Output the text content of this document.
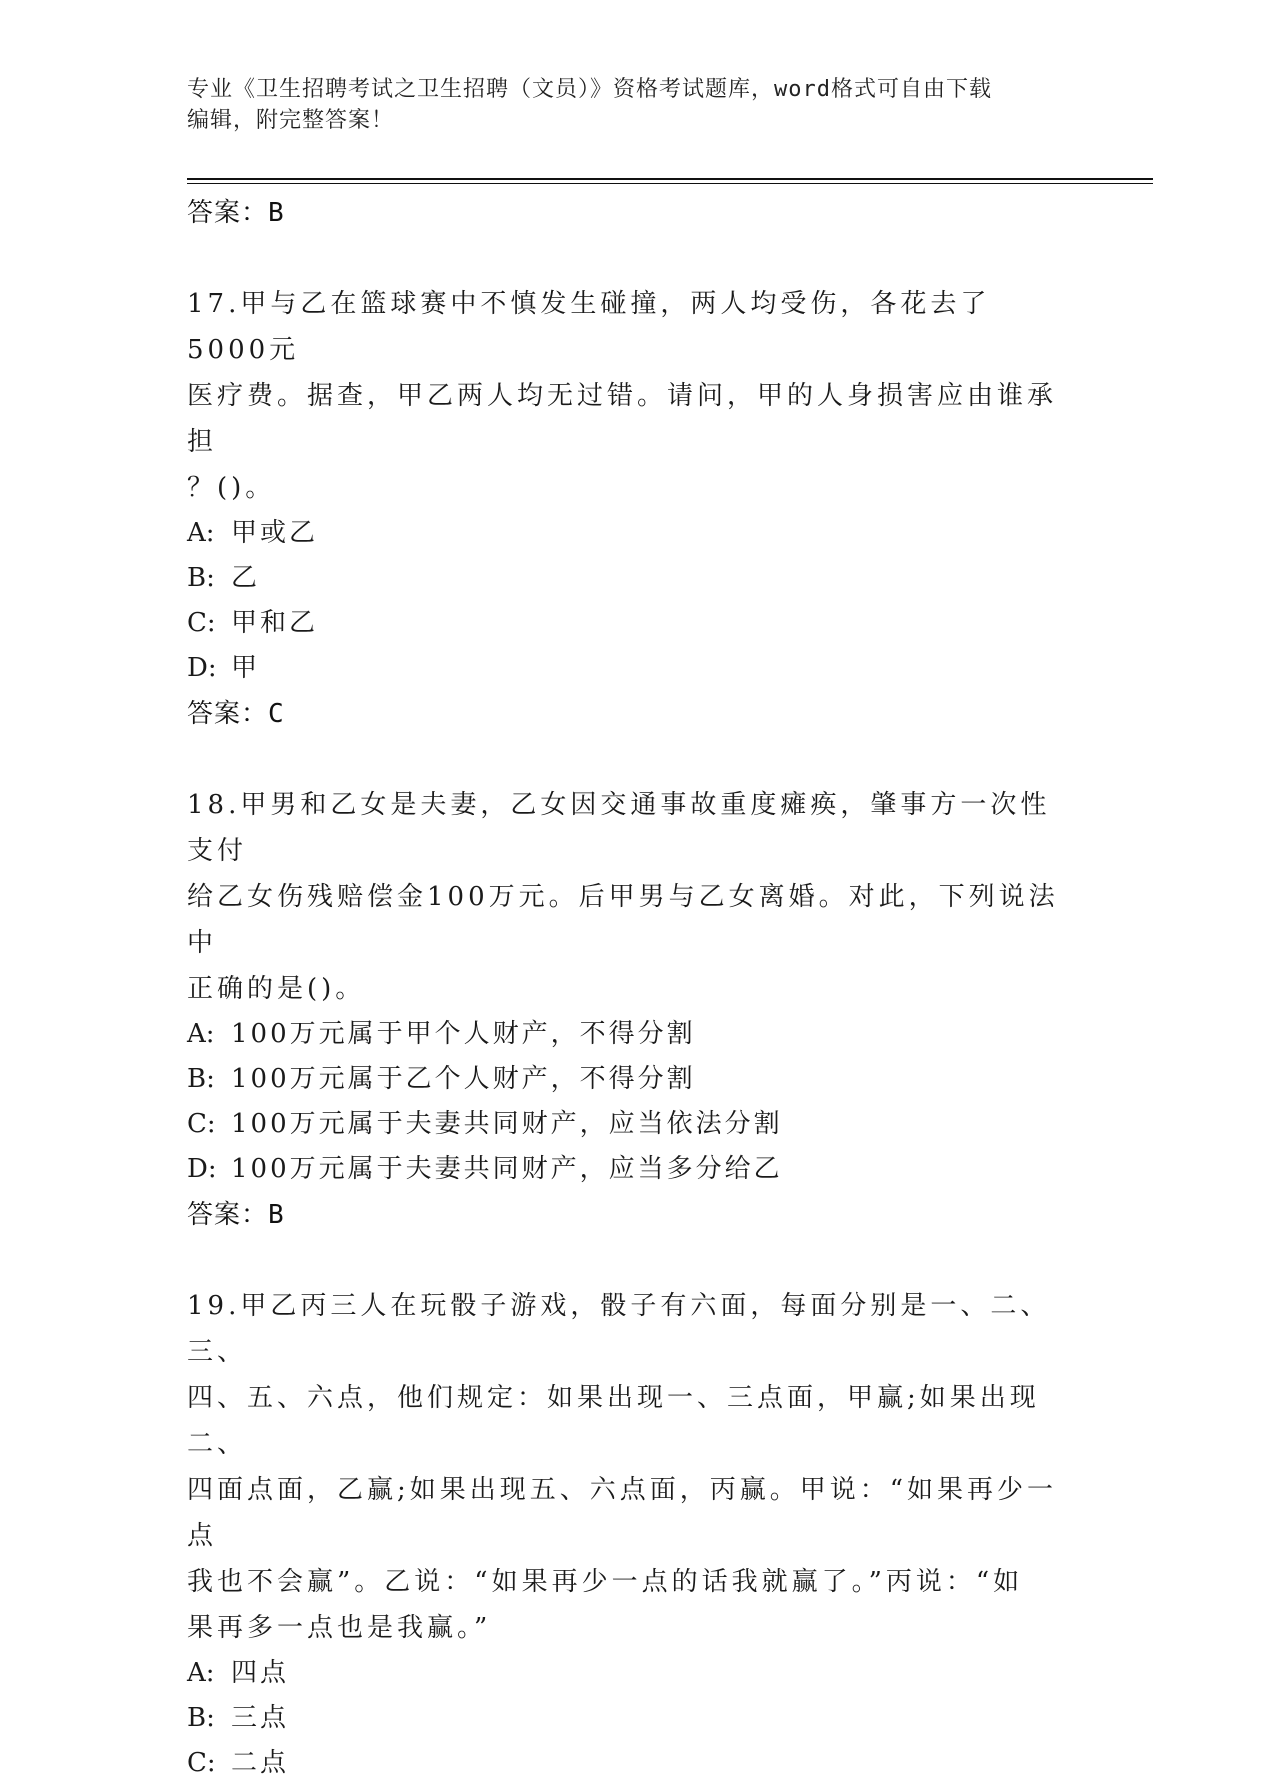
专业《卫生招聘考试之卫生招聘（文员）》资格考试题库，word格式可自由下载
编辑，附完整答案！
答案：B
17.甲与乙在篮球赛中不慎发生碰撞，两人均受伤，各花去了5000元
医疗费。据查，甲乙两人均无过错。请问，甲的人身损害应由谁承担
？()。
A: 甲或乙
B: 乙
C: 甲和乙
D: 甲
答案：C
18.甲男和乙女是夫妻，乙女因交通事故重度瘫痪，肇事方一次性支付
给乙女伤残赔偿金100万元。后甲男与乙女离婚。对此，下列说法中
正确的是()。
A: 100万元属于甲个人财产，不得分割
B: 100万元属于乙个人财产，不得分割
C: 100万元属于夫妻共同财产，应当依法分割
D: 100万元属于夫妻共同财产，应当多分给乙
答案：B
19.甲乙丙三人在玩骰子游戏，骰子有六面，每面分别是一、二、三、
四、五、六点，他们规定：如果出现一、三点面，甲赢;如果出现二、
四面点面，乙赢;如果出现五、六点面，丙赢。甲说：“如果再少一点
我也不会赢”。乙说：“如果再少一点的话我就赢了。”丙说：“如
果再多一点也是我赢。”
A: 四点
B: 三点
C: 二点
